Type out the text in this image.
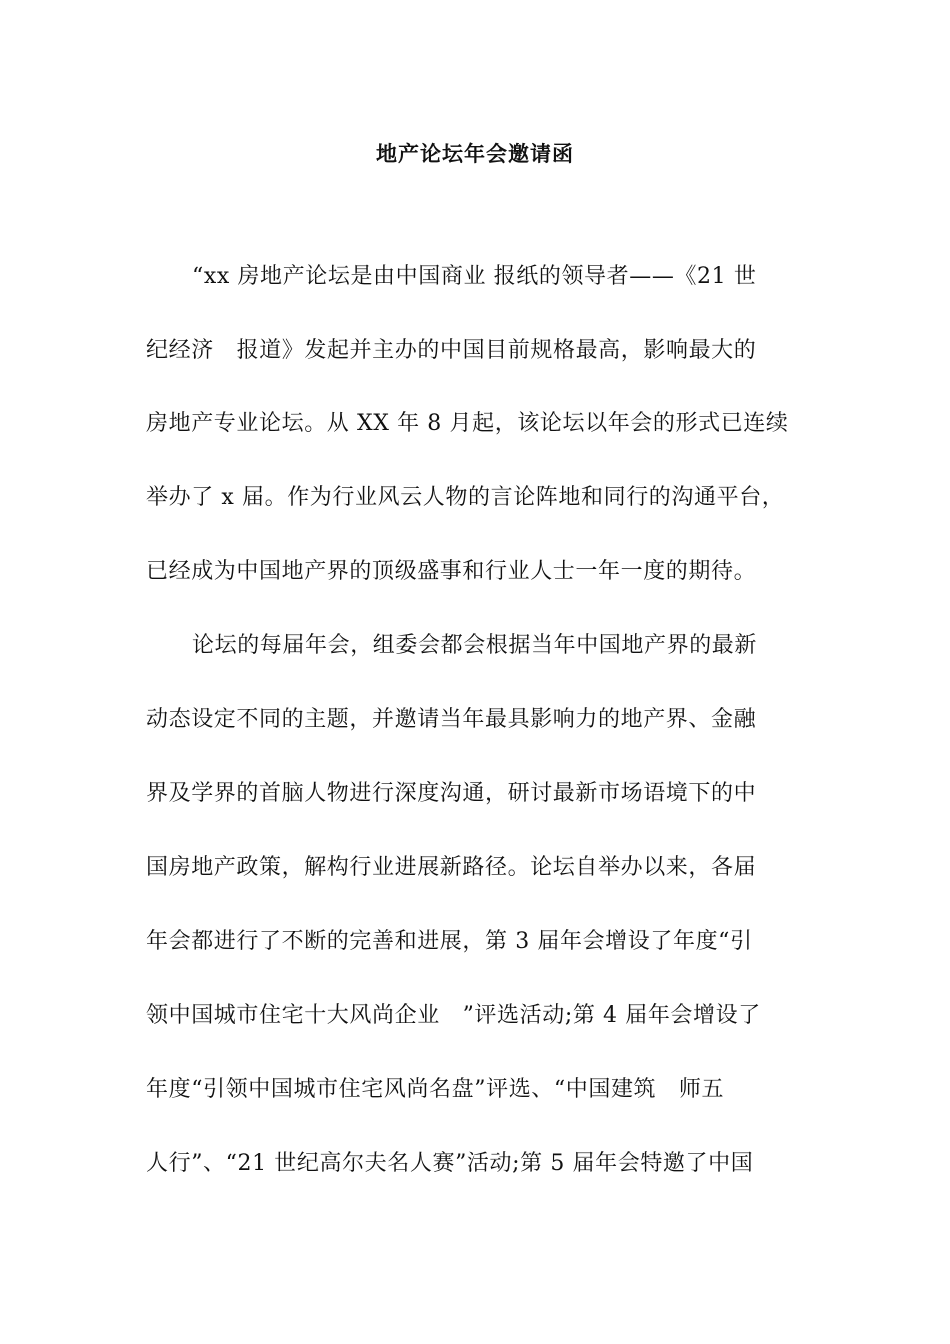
地产论坛年会邀请函
“xx 房地产论坛是由中国商业 报纸的领导者——《21 世
纪经济   报道》发起并主办的中国目前规格最高，影响最大的
房地产专业论坛。从 XX 年 8 月起，该论坛以年会的形式已连续
举办了 x 届。作为行业风云人物的言论阵地和同行的沟通平台，
已经成为中国地产界的顶级盛事和行业人士一年一度的期待。
论坛的每届年会，组委会都会根据当年中国地产界的最新
动态设定不同的主题，并邀请当年最具影响力的地产界、金融
界及学界的首脑人物进行深度沟通，研讨最新市场语境下的中
国房地产政策，解构行业进展新路径。论坛自举办以来，各届
年会都进行了不断的完善和进展，第 3 届年会增设了年度“引
领中国城市住宅十大风尚企业   ”评选活动;第 4 届年会增设了
年度“引领中国城市住宅风尚名盘”评选、“中国建筑   师五
人行”、“21 世纪高尔夫名人赛”活动;第 5 届年会特邀了中国
